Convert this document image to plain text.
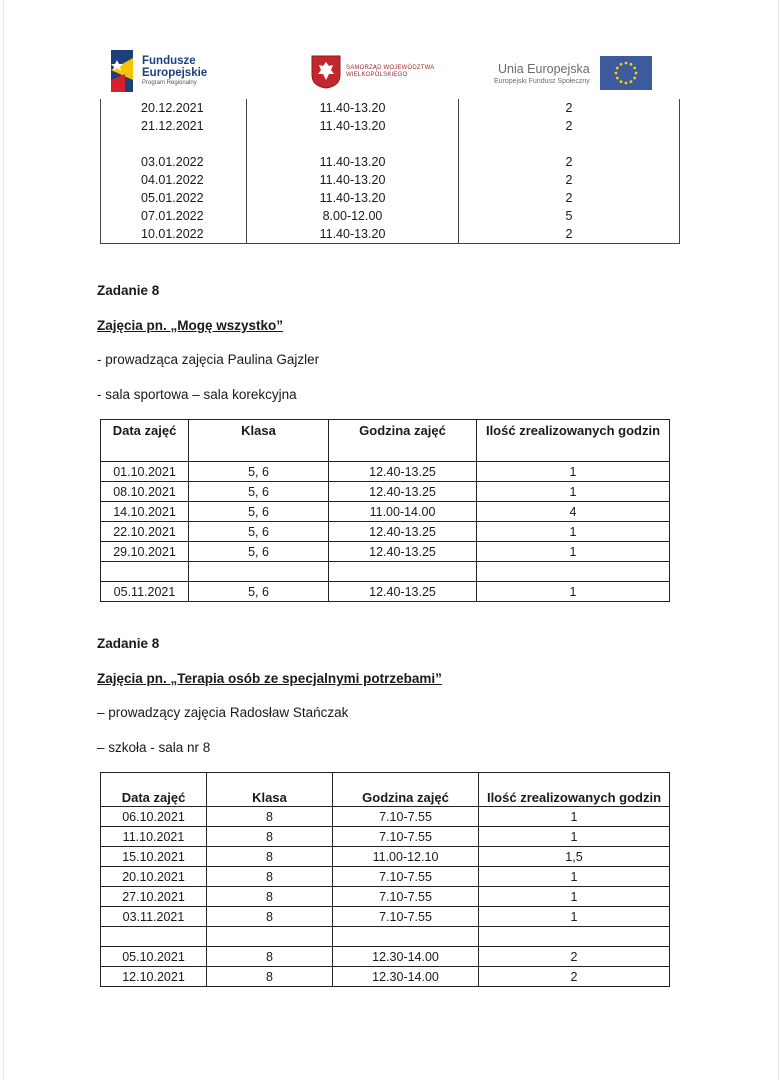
Fundusze
Europejskie
Program Regionalny
SAMORZĄD WOJEWÓDZTWA
WIELKOPOLSKIEGO	Unia Europejska
Europejski Fundusz Społeczny
20.12.2021	11.40-13.20	2
21.12.2021	11.40-13.20	2

03.01.2022	11.40-13.20	2
04.01.2022	11.40-13.20	2
05.01.2022	11.40-13.20	2
07.01.2022	8.00-12.00	5
10.01.2022	11.40-13.20	2
Zadanie 8
Zajęcia pn. „Mogę wszystko”
- prowadząca zajęcia Paulina Gajzler
- sala sportowa – sala korekcyjna
Data zajęć	Klasa	Godzina zajęć	Ilość zrealizowanych godzin
01.10.2021	5, 6	12.40-13.25	1
08.10.2021	5, 6	12.40-13.25	1
14.10.2021	5, 6	11.00-14.00	4
22.10.2021	5, 6	12.40-13.25	1
29.10.2021	5, 6	12.40-13.25	1

05.11.2021	5, 6	12.40-13.25	1
Zadanie 8
Zajęcia pn. „Terapia osób ze specjalnymi potrzebami”
– prowadzący zajęcia Radosław Stańczak
– szkoła - sala nr 8
Data zajęć	Klasa	Godzina zajęć	Ilość zrealizowanych godzin
06.10.2021	8	7.10-7.55	1
11.10.2021	8	7.10-7.55	1
15.10.2021	8	11.00-12.10	1,5
20.10.2021	8	7.10-7.55	1
27.10.2021	8	7.10-7.55	1
03.11.2021	8	7.10-7.55	1

05.10.2021	8	12.30-14.00	2
12.10.2021	8	12.30-14.00	2
